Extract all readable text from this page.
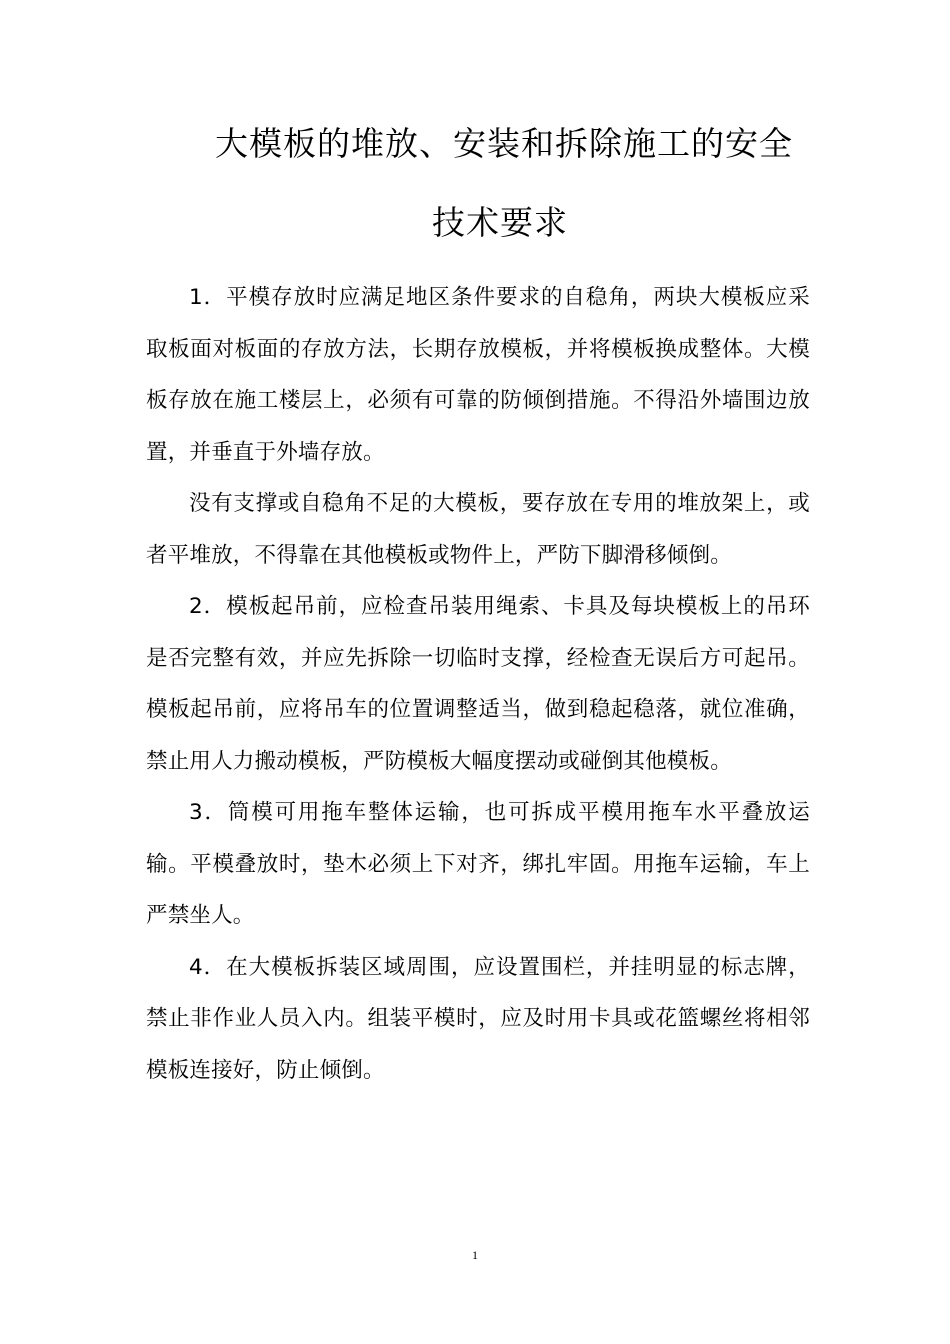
大模板的堆放、安装和拆除施工的安全
技术要求

1．平模存放时应满足地区条件要求的自稳角，两块大模板应采取板面对板面的存放方法，长期存放模板，并将模板换成整体。大模板存放在施工楼层上，必须有可靠的防倾倒措施。不得沿外墙围边放置，并垂直于外墙存放。

没有支撑或自稳角不足的大模板，要存放在专用的堆放架上，或者平堆放，不得靠在其他模板或物件上，严防下脚滑移倾倒。

2．模板起吊前，应检查吊装用绳索、卡具及每块模板上的吊环是否完整有效，并应先拆除一切临时支撑，经检查无误后方可起吊。模板起吊前，应将吊车的位置调整适当，做到稳起稳落，就位准确，禁止用人力搬动模板，严防模板大幅度摆动或碰倒其他模板。

3．筒模可用拖车整体运输，也可拆成平模用拖车水平叠放运输。平模叠放时，垫木必须上下对齐，绑扎牢固。用拖车运输，车上严禁坐人。

4．在大模板拆装区域周围，应设置围栏，并挂明显的标志牌，禁止非作业人员入内。组装平模时，应及时用卡具或花篮螺丝将相邻模板连接好，防止倾倒。

1
